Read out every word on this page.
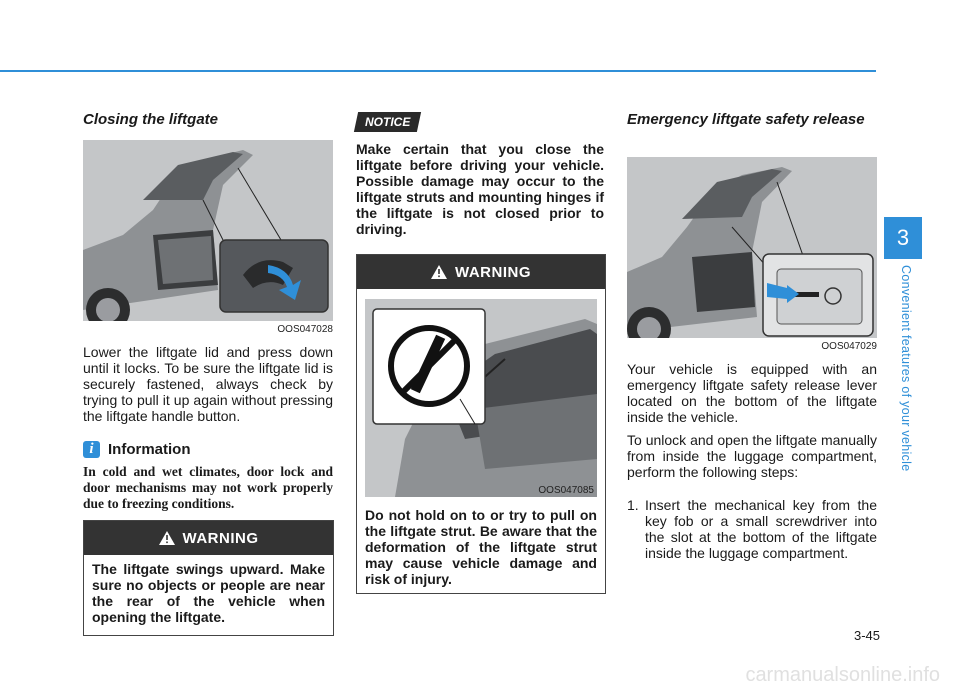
Closing the liftgate
OOS047028

Lower the liftgate lid and press down until it locks. To be sure the liftgate lid is securely fastened, always check by trying to pull it up again without pressing the liftgate handle button.

i Information

In cold and wet climates, door lock and door mechanisms may not work properly due to freezing conditions.

WARNING

The liftgate swings upward. Make sure no objects or people are near the rear of the vehicle when opening the liftgate.

NOTICE

Make certain that you close the liftgate before driving your vehicle. Possible damage may occur to the liftgate struts and mounting hinges if the liftgate is not closed prior to driving.

WARNING
OOS047085

Do not hold on to or try to pull on the liftgate strut. Be aware that the deformation of the liftgate strut may cause vehicle damage and risk of injury.

Emergency liftgate safety release
OOS047029

Your vehicle is equipped with an emergency liftgate safety release lever located on the bottom of the liftgate inside the vehicle.

To unlock and open the liftgate manually from inside the luggage compartment, perform the following steps:

1. Insert the mechanical key from the key fob or a small screwdriver into the slot at the bottom of the liftgate inside the luggage compartment.
3
Convenient features of your vehicle
3-45
carmanualsonline.info
